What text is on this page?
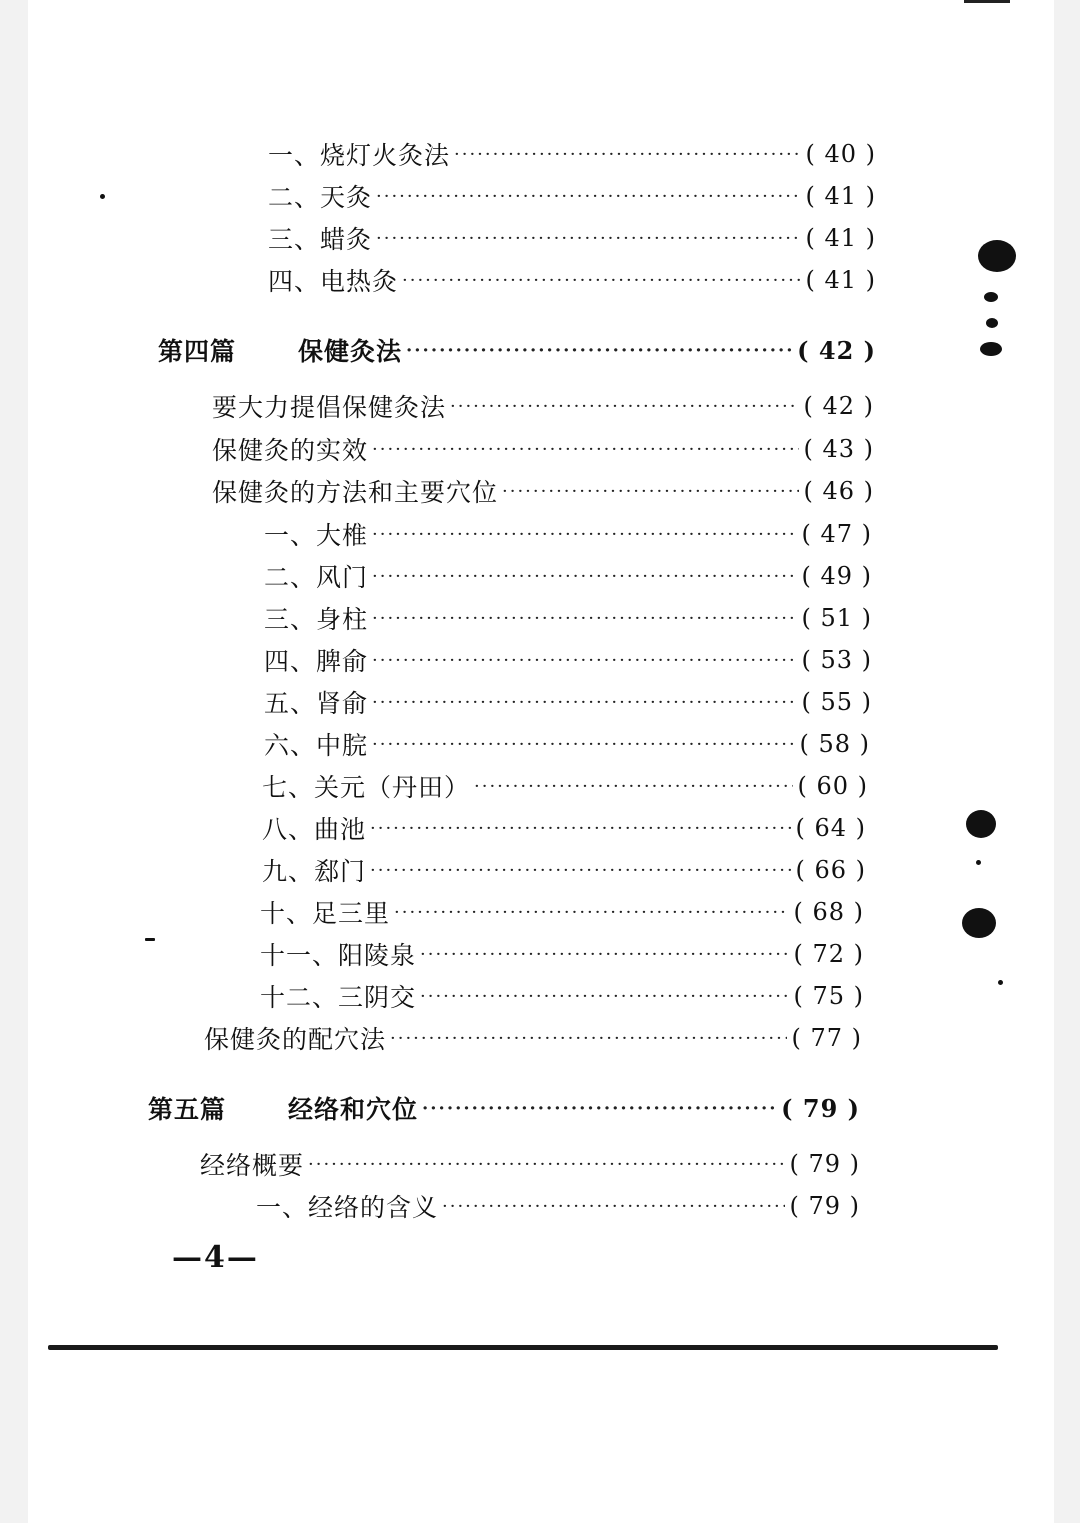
一、烧灯火灸法 ·····	( 40 )
二、天灸 ·····	( 41 )
三、蜡灸 ·····	( 41 )
四、电热灸 ·····	( 41 )
第四篇 保健灸法 ·····	( 42 )
要大力提倡保健灸法 ·····	( 42 )
保健灸的实效 ·····	( 43 )
保健灸的方法和主要穴位 ·····	( 46 )
一、大椎 ·····	( 47 )
二、风门 ·····	( 49 )
三、身柱 ·····	( 51 )
四、脾俞 ·····	( 53 )
五、肾俞 ·····	( 55 )
六、中脘 ·····	( 58 )
七、关元（丹田） ·····	( 60 )
八、曲池 ·····	( 64 )
九、郄门 ·····	( 66 )
十、足三里 ·····	( 68 )
十一、阳陵泉 ·····	( 72 )
十二、三阴交 ·····	( 75 )
保健灸的配穴法 ·····	( 77 )
第五篇 经络和穴位 ·····	( 79 )
经络概要 ·····	( 79 )
一、经络的含义 ·····	( 79 )
—4—
